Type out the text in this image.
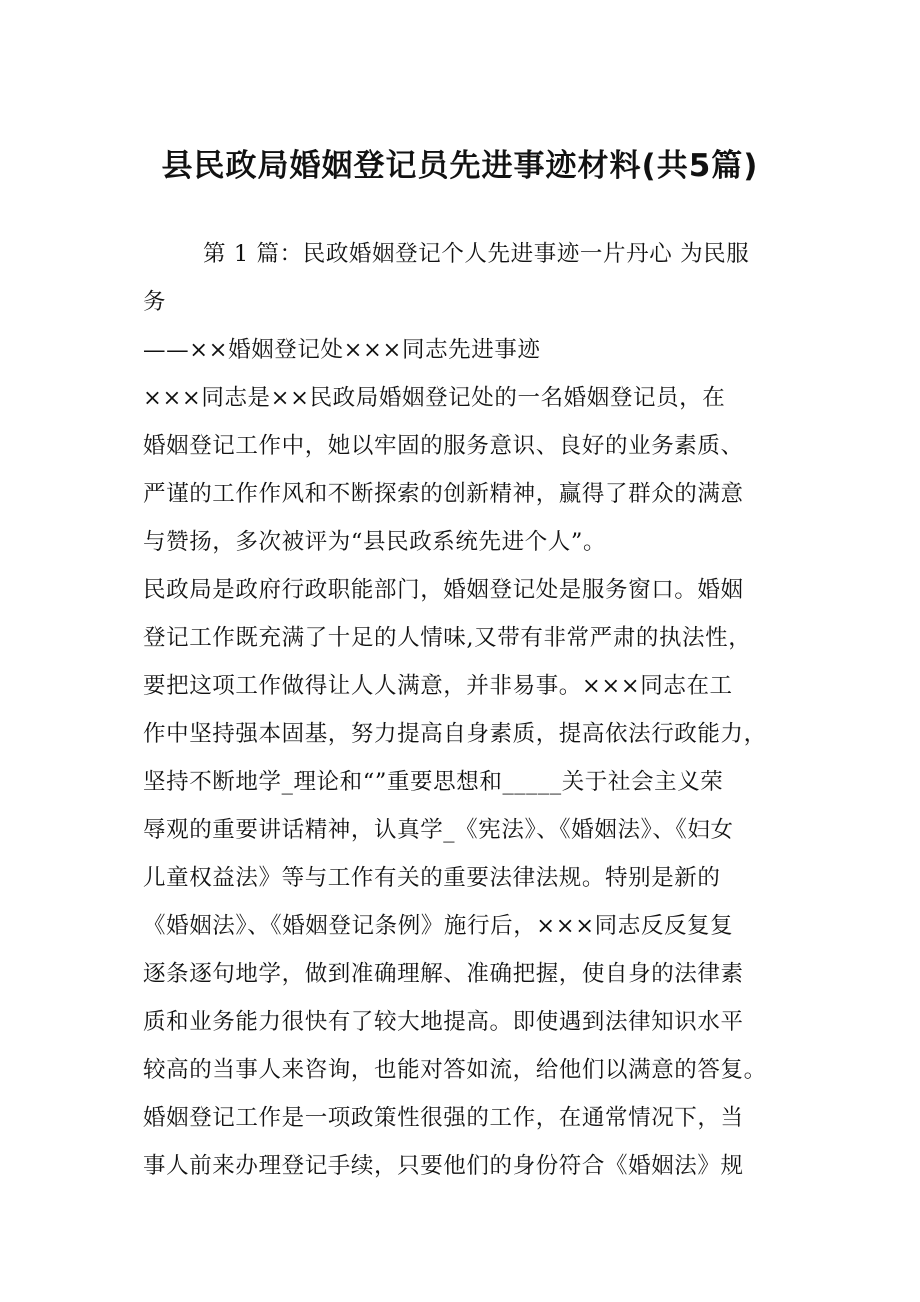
县民政局婚姻登记员先进事迹材料(共5篇)
第 1 篇：民政婚姻登记个人先进事迹一片丹心 为民服
务
——××婚姻登记处×××同志先进事迹
×××同志是××民政局婚姻登记处的一名婚姻登记员，在
婚姻登记工作中，她以牢固的服务意识、良好的业务素质、
严谨的工作作风和不断探索的创新精神，赢得了群众的满意
与赞扬，多次被评为“县民政系统先进个人”。
民政局是政府行政职能部门，婚姻登记处是服务窗口。婚姻
登记工作既充满了十足的人情味,又带有非常严肃的执法性，
要把这项工作做得让人人满意，并非易事。×××同志在工
作中坚持强本固基，努力提高自身素质，提高依法行政能力，
坚持不断地学_理论和“”重要思想和_____关于社会主义荣
辱观的重要讲话精神，认真学_《宪法》、《婚姻法》、《妇女
儿童权益法》等与工作有关的重要法律法规。特别是新的
《婚姻法》、《婚姻登记条例》施行后，×××同志反反复复
逐条逐句地学，做到准确理解、准确把握，使自身的法律素
质和业务能力很快有了较大地提高。即使遇到法律知识水平
较高的当事人来咨询，也能对答如流，给他们以满意的答复。
婚姻登记工作是一项政策性很强的工作，在通常情况下，当
事人前来办理登记手续，只要他们的身份符合《婚姻法》规
